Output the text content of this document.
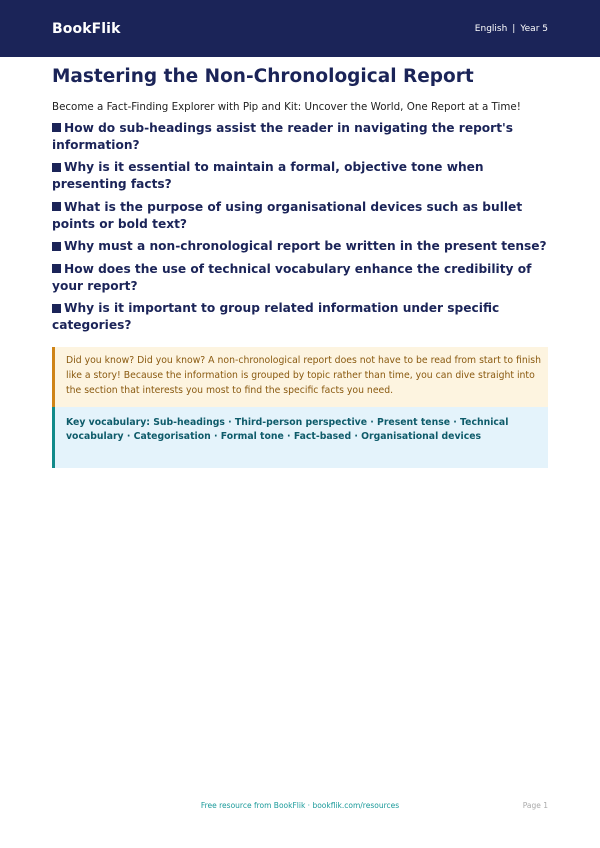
BookFlik	English | Year 5
Mastering the Non-Chronological Report

Become a Fact-Finding Explorer with Pip and Kit: Uncover the World, One Report at a Time!

How do sub-headings assist the reader in navigating the report's information?
Why is it essential to maintain a formal, objective tone when presenting facts?
What is the purpose of using organisational devices such as bullet points or bold text?
Why must a non-chronological report be written in the present tense?
How does the use of technical vocabulary enhance the credibility of your report?
Why is it important to group related information under specific categories?
Did you know? Did you know? A non-chronological report does not have to be read from start to finish like a story! Because the information is grouped by topic rather than time, you can dive straight into the section that interests you most to find the specific facts you need.
Key vocabulary: Sub-headings · Third-person perspective · Present tense · Technical vocabulary · Categorisation · Formal tone · Fact-based · Organisational devices
Free resource from BookFlik · bookflik.com/resources	Page 1
